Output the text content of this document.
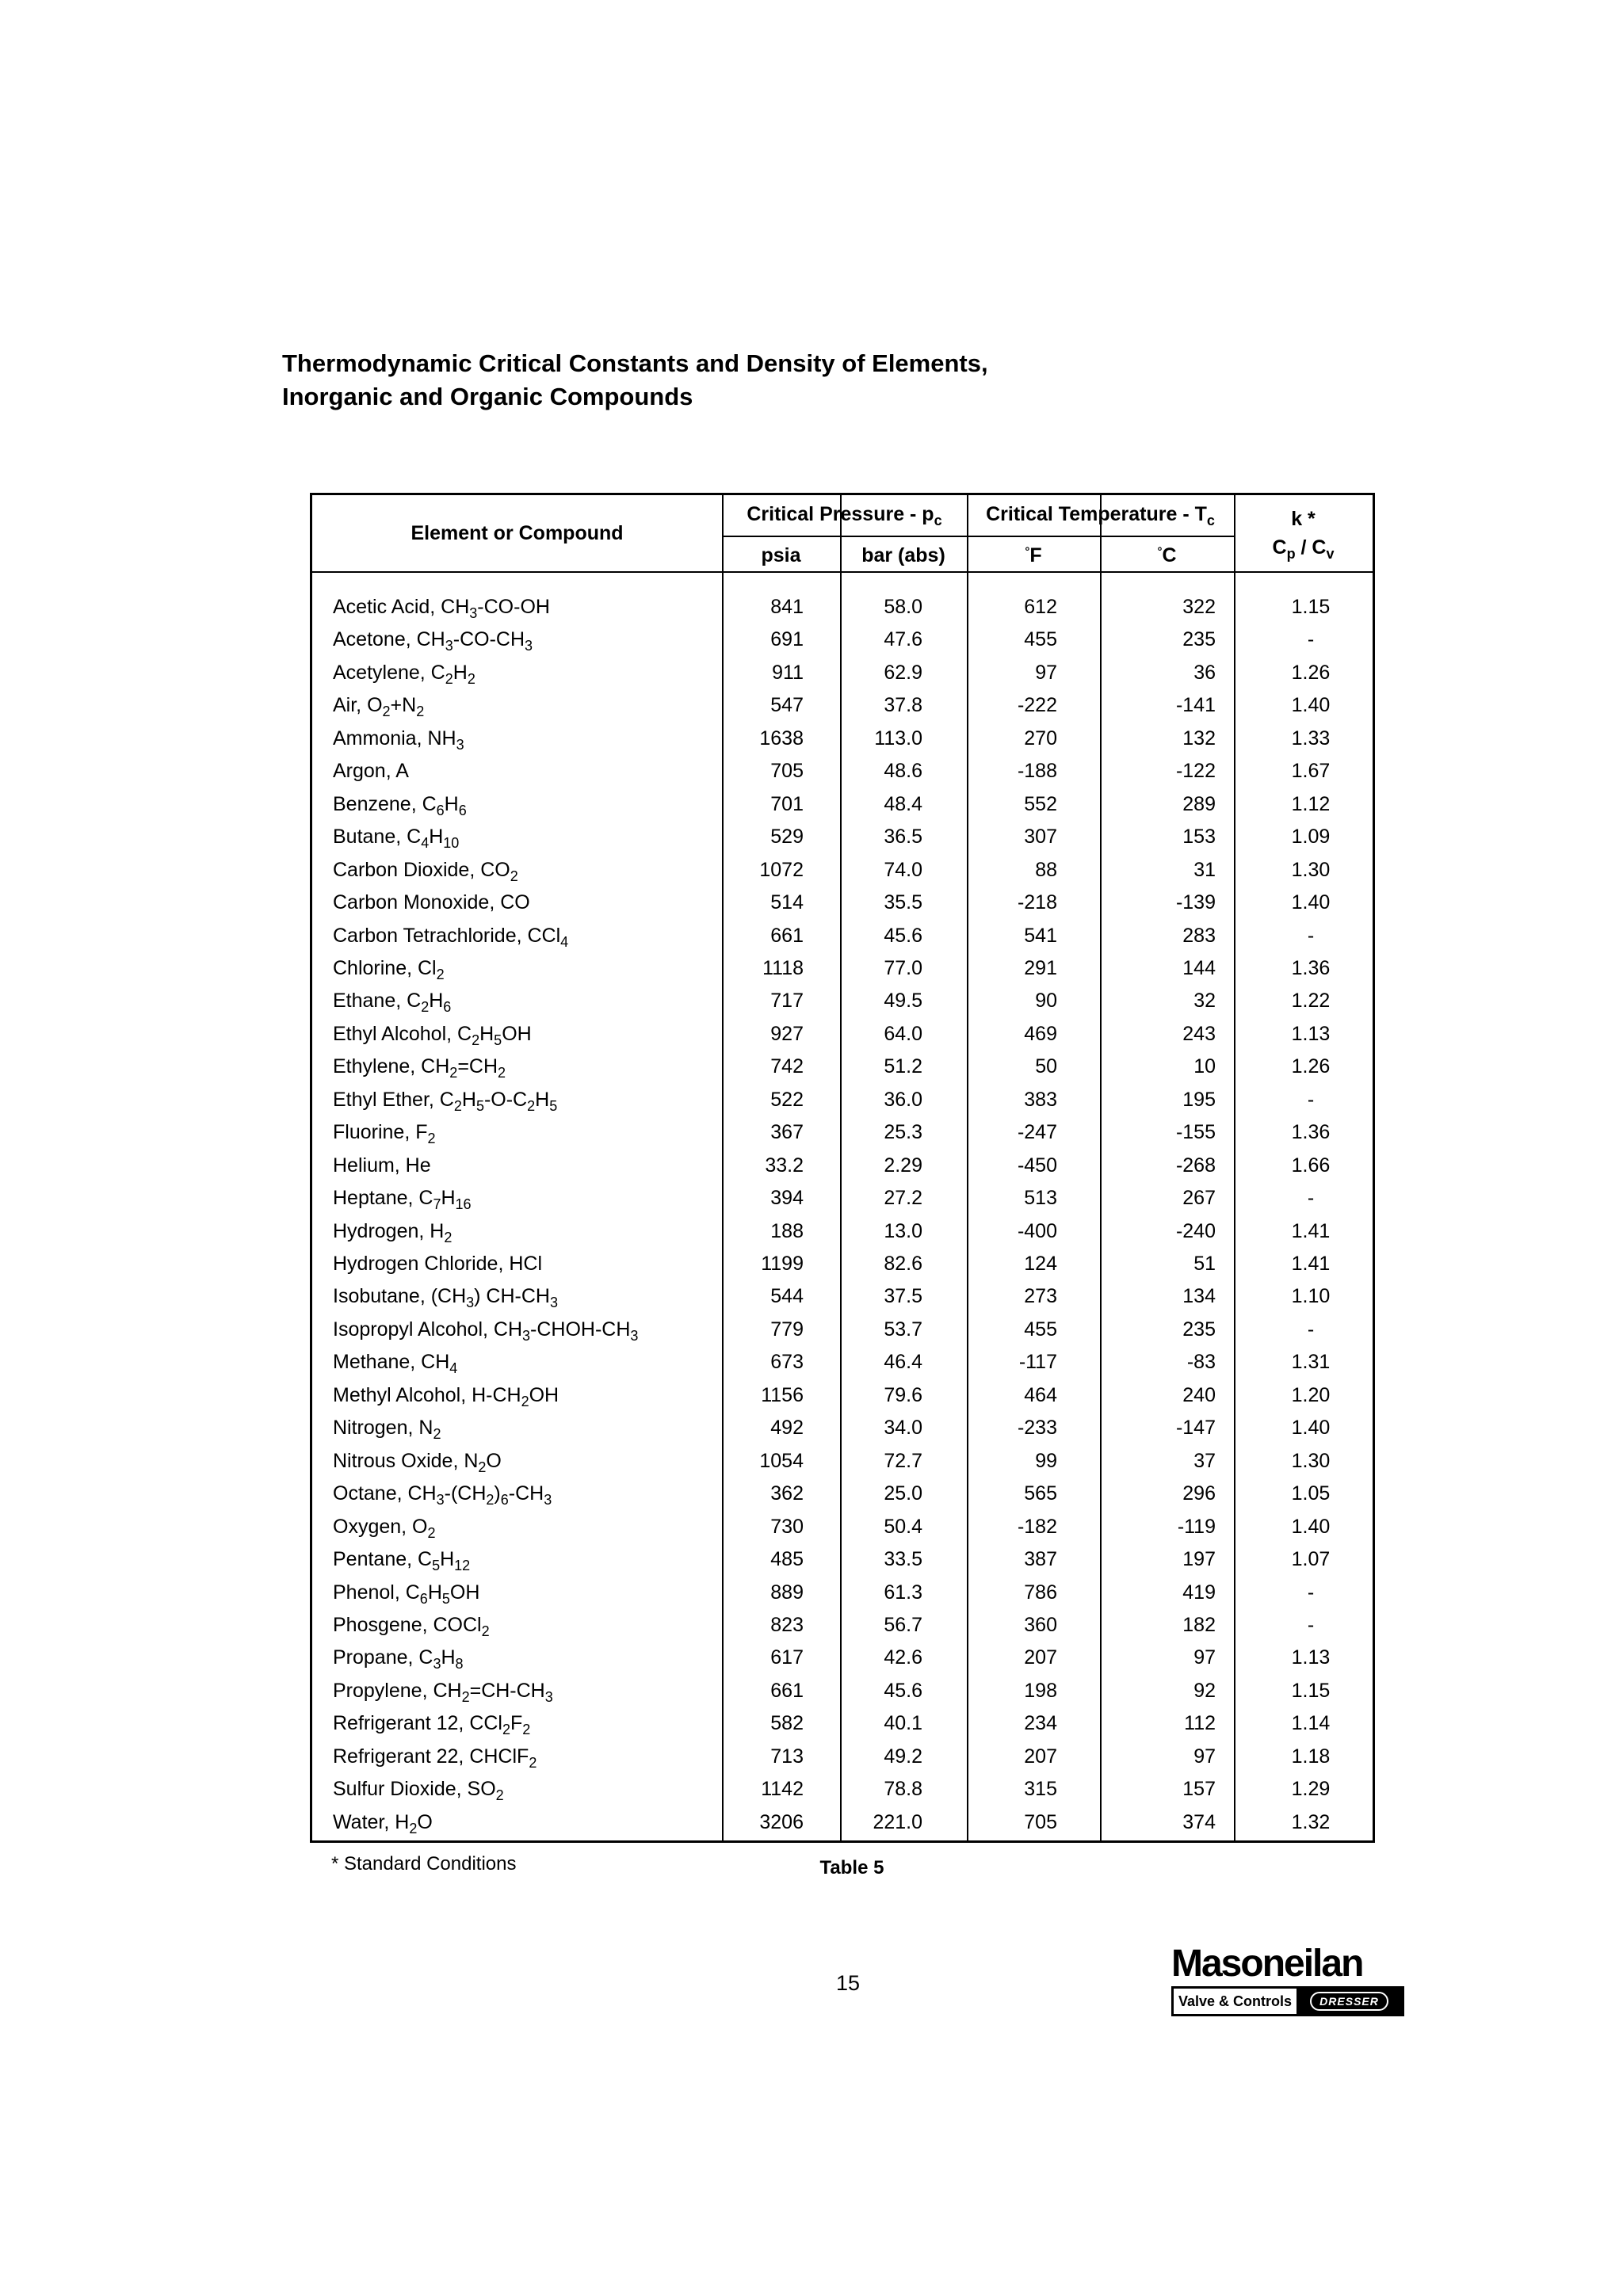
Thermodynamic Critical Constants and Density of Elements,
Inorganic and Organic Compounds
Element or Compound
Critical Pressure - $p_c$	Critical Temperature - $T_c$	k *
$C_p / C_v$
psia	bar (abs)	°F	°C
Acetic Acid, $CH_3-CO-OH$	841	58.0	612	322	1.15
Acetone, $CH_3-CO-CH_3$	691	47.6	455	235	-
Acetylene, $C_2H_2$	911	62.9	97	36	1.26
Air, $O_2+N_2$	547	37.8	-222	-141	1.40
Ammonia, $NH_3$	1638	113.0	270	132	1.33
Argon, A	705	48.6	-188	-122	1.67
Benzene, $C_6H_6$	701	48.4	552	289	1.12
Butane, $C_4H_{10}$	529	36.5	307	153	1.09
Carbon Dioxide, $CO_2$	1072	74.0	88	31	1.30
Carbon Monoxide, CO	514	35.5	-218	-139	1.40
Carbon Tetrachloride, CCl$_4$	661	45.6	541	283	-
Chlorine, $Cl_2$	1118	77.0	291	144	1.36
Ethane, $C_2H_6$	717	49.5	90	32	1.22
Ethyl Alcohol, $C_2H_5OH$	927	64.0	469	243	1.13
Ethylene, $CH_2=CH_2$	742	51.2	50	10	1.26
Ethyl Ether, $C_2H_5-O-C_2H_5$	522	36.0	383	195	-
Fluorine, $F_2$	367	25.3	-247	-155	1.36
Helium, He	33.2	2.29	-450	-268	1.66
Heptane, $C_7H_{16}$	394	27.2	513	267	-
Hydrogen, $H_2$	188	13.0	-400	-240	1.41
Hydrogen Chloride, HCl	1199	82.6	124	51	1.41
Isobutane, $(CH_3)$ $CH-CH_3$	544	37.5	273	134	1.10
Isopropyl Alcohol, $CH_3-CHOH-CH_3$	779	53.7	455	235	-
Methane, $CH_4$	673	46.4	-117	-83	1.31
Methyl Alcohol, $H-CH_2OH$	1156	79.6	464	240	1.20
Nitrogen, $N_2$	492	34.0	-233	-147	1.40
Nitrous Oxide, $N_2O$	1054	72.7	99	37	1.30
Octane, $CH_3-(CH_2)_6-CH_3$	362	25.0	565	296	1.05
Oxygen, $O_2$	730	50.4	-182	-119	1.40
Pentane, $C_5H_{12}$	485	33.5	387	197	1.07
Phenol, $C_6H_5OH$	889	61.3	786	419	-
Phosgene, COCl$_2$	823	56.7	360	182	-
Propane, $C_3H_8$	617	42.6	207	97	1.13
Propylene, $CH_2=CH-CH_3$	661	45.6	198	92	1.15
Refrigerant 12, $CCl_2F_2$	582	40.1	234	112	1.14
Refrigerant 22, CHClF$_2$	713	49.2	207	97	1.18
Sulfur Dioxide, $SO_2$	1142	78.8	315	157	1.29
Water, $H_2O$	3206	221.0	705	374	1.32
* Standard Conditions	Table 5
15	Masoneilan
Valve & Controls	DRESSER
